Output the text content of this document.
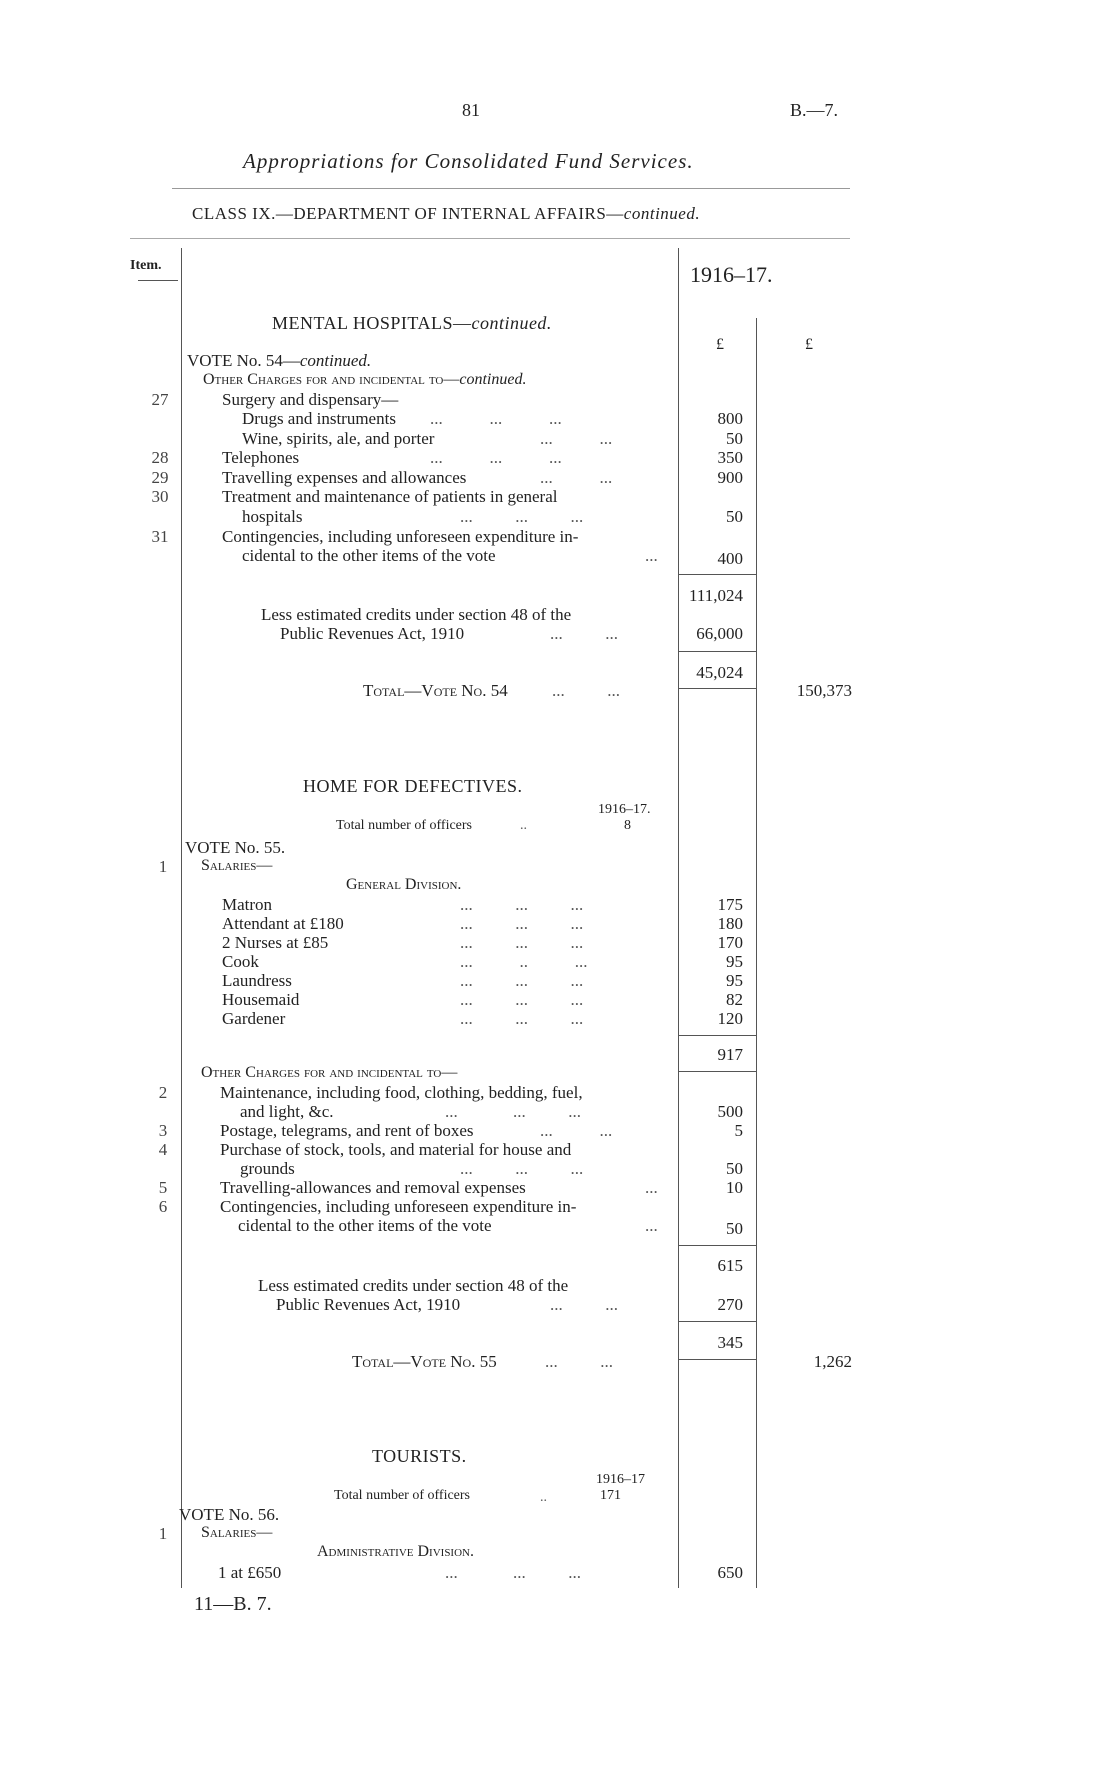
81	B.—7.
Appropriations for Consolidated Fund Services.
CLASS IX.—DEPARTMENT OF INTERNAL AFFAIRS—continued.
Item.	1916–17.
£	£
MENTAL HOSPITALS—continued.
VOTE No. 54—continued.
Other Charges for and incidental to—continued.
27	Surgery and dispensary—
Drugs and instruments ...           ...           ...	800
Wine, spirits, ale, and porter	...           ...	50
28	Telephones	...           ...           ...	350
29	Travelling expenses and allowances	...           ...	900
30	Treatment and maintenance of patients in general
hospitals	...          ...          ...	50
31	Contingencies, including unforeseen expenditure in-
cidental to the other items of the vote	...	400
111,024
Less estimated credits under section 48 of the
Public Revenues Act, 1910	...          ...	66,000
45,024
Total—Vote No. 54	...          ...	150,373
HOME FOR DEFECTIVES.
1916–17.
Total number of officers	..	8
VOTE No. 55.
1	Salaries—
General Division.
Matron	...          ...          ...	175
Attendant at £180	...          ...          ...	180
2 Nurses at £85	...          ...          ...	170
Cook	...           ..           ...	95
Laundress	...          ...          ...	95
Housemaid	...          ...          ...	82
Gardener	...          ...          ...	120
917
Other Charges for and incidental to—
2	Maintenance, including food, clothing, bedding, fuel,
and light, &c.	...             ...          ...	500
3	Postage, telegrams, and rent of boxes	...           ...	5
4	Purchase of stock, tools, and material for house and
grounds	...          ...          ...	50
5	Travelling-allowances and removal expenses	...	10
6	Contingencies, including unforeseen expenditure in-
cidental to the other items of the vote	...	50
615
Less estimated credits under section 48 of the
Public Revenues Act, 1910	...          ...	270
345
Total—Vote No. 55	...          ...	1,262
TOURISTS.
1916–17
Total number of officers	..	171
VOTE No. 56.
1	Salaries—
Administrative Division.
1 at £650	...             ...          ...	650
11—B. 7.
